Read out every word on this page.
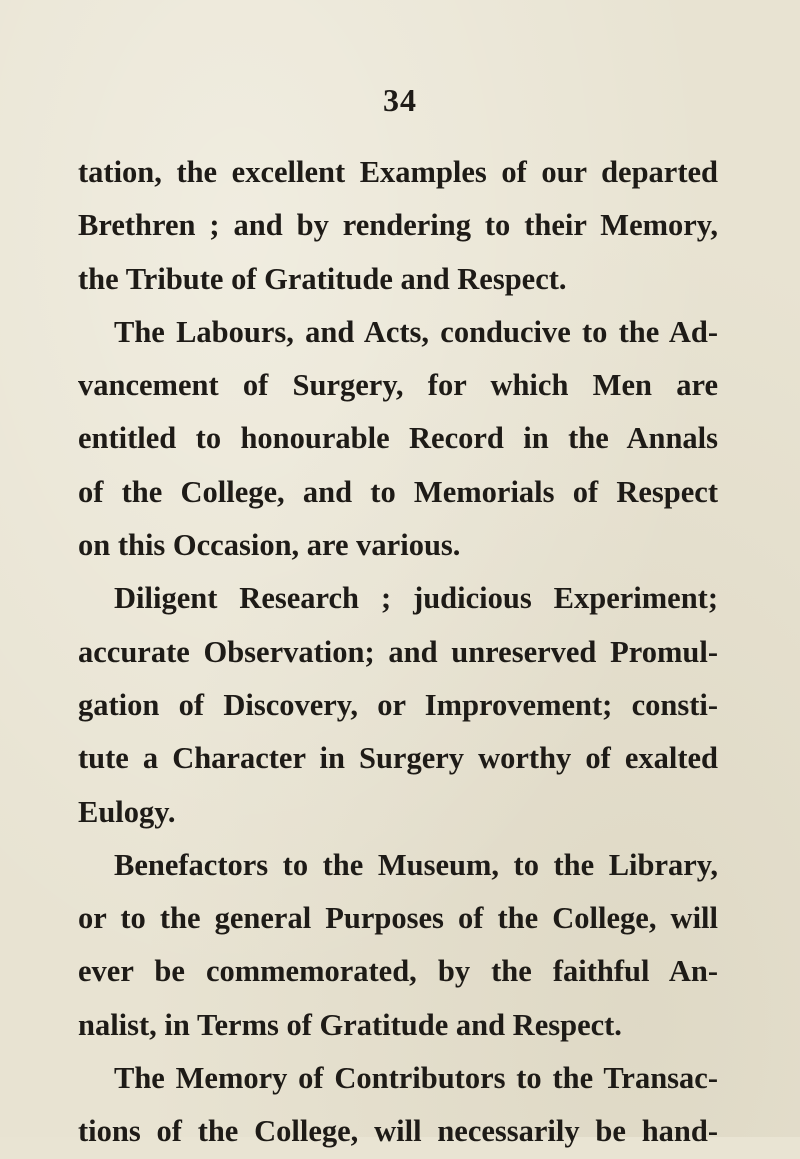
34
tation, the excellent Examples of our departed
Brethren ; and by rendering to their Memory,
the Tribute of Gratitude and Respect.
The Labours, and Acts, conducive to the Ad-
vancement of Surgery, for which Men are
entitled to honourable Record in the Annals
of the College, and to Memorials of Respect
on this Occasion, are various.
Diligent Research ; judicious Experiment;
accurate Observation; and unreserved Promul-
gation of Discovery, or Improvement; consti-
tute a Character in Surgery worthy of exalted
Eulogy.
Benefactors to the Museum, to the Library,
or to the general Purposes of the College, will
ever be commemorated, by the faithful An-
nalist, in Terms of Gratitude and Respect.
The Memory of Contributors to the Transac-
tions of the College, will necessarily be hand-
